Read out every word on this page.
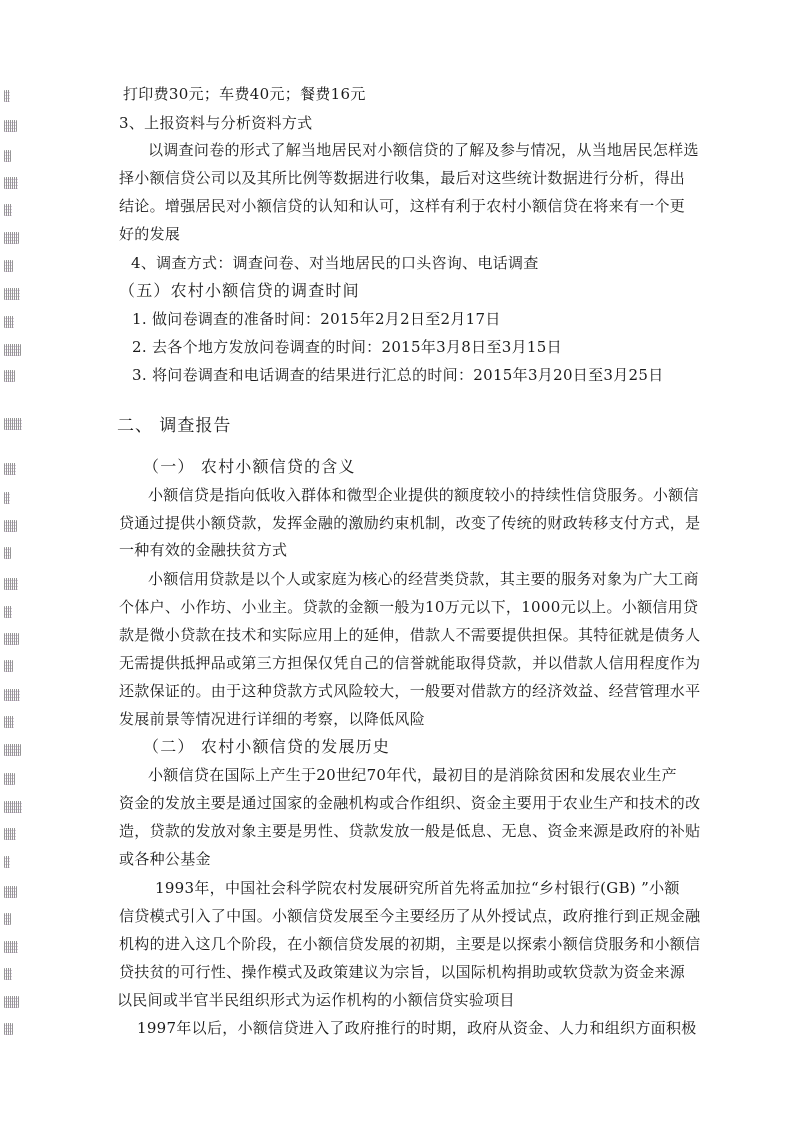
打印费30元；车费40元；餐费16元
3、上报资料与分析资料方式
以调查问卷的形式了解当地居民对小额信贷的了解及参与情况，从当地居民怎样选
择小额信贷公司以及其所比例等数据进行收集，最后对这些统计数据进行分析，得出
结论。增强居民对小额信贷的认知和认可，这样有利于农村小额信贷在将来有一个更
好的发展
4、调查方式：调查问卷、对当地居民的口头咨询、电话调查
（五）农村小额信贷的调查时间
1. 做问卷调查的准备时间：2015年2月2日至2月17日
2. 去各个地方发放问卷调查的时间：2015年3月8日至3月15日
3. 将问卷调查和电话调查的结果进行汇总的时间：2015年3月20日至3月25日
二、 调查报告
（一） 农村小额信贷的含义
小额信贷是指向低收入群体和微型企业提供的额度较小的持续性信贷服务。小额信
贷通过提供小额贷款，发挥金融的激励约束机制，改变了传统的财政转移支付方式，是
一种有效的金融扶贫方式
小额信用贷款是以个人或家庭为核心的经营类贷款，其主要的服务对象为广大工商
个体户、小作坊、小业主。贷款的金额一般为10万元以下，1000元以上。小额信用贷
款是微小贷款在技术和实际应用上的延伸，借款人不需要提供担保。其特征就是债务人
无需提供抵押品或第三方担保仅凭自己的信誉就能取得贷款，并以借款人信用程度作为
还款保证的。由于这种贷款方式风险较大，一般要对借款方的经济效益、经营管理水平
发展前景等情况进行详细的考察，以降低风险
（二） 农村小额信贷的发展历史
小额信贷在国际上产生于20世纪70年代，最初目的是消除贫困和发展农业生产
资金的发放主要是通过国家的金融机构或合作组织、资金主要用于农业生产和技术的改
造，贷款的发放对象主要是男性、贷款发放一般是低息、无息、资金来源是政府的补贴
或各种公基金
1993年，中国社会科学院农村发展研究所首先将孟加拉“乡村银行(GB) ”小额
信贷模式引入了中国。小额信贷发展至今主要经历了从外授试点，政府推行到正规金融
机构的进入这几个阶段，在小额信贷发展的初期，主要是以探索小额信贷服务和小额信
贷扶贫的可行性、操作模式及政策建议为宗旨，以国际机构捐助或软贷款为资金来源
以民间或半官半民组织形式为运作机构的小额信贷实验项目
1997年以后，小额信贷进入了政府推行的时期，政府从资金、人力和组织方面积极
